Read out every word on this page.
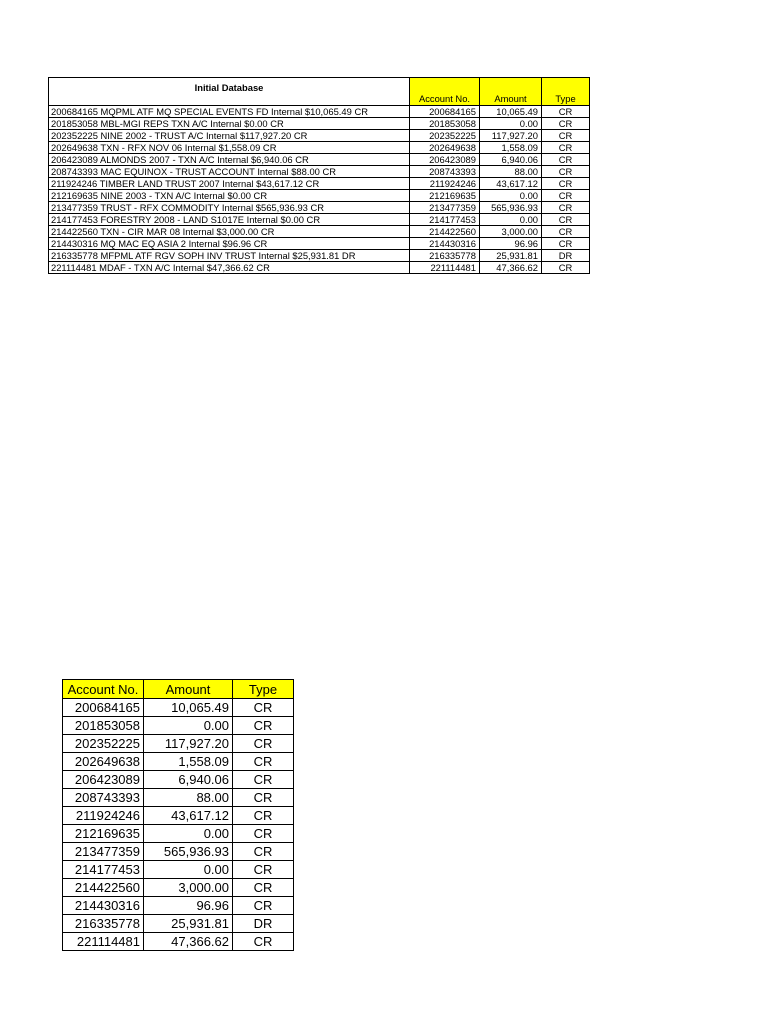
Initial Database	Account No.	Amount	Type
200684165 MQPML ATF MQ SPECIAL EVENTS FD Internal $10,065.49 CR	200684165	10,065.49	CR
201853058 MBL-MGI REPS TXN A/C Internal $0.00 CR	201853058	0.00	CR
202352225 NINE 2002 - TRUST A/C Internal $117,927.20 CR	202352225	117,927.20	CR
202649638 TXN - RFX NOV 06 Internal $1,558.09 CR	202649638	1,558.09	CR
206423089 ALMONDS 2007 - TXN A/C Internal $6,940.06 CR	206423089	6,940.06	CR
208743393 MAC EQUINOX - TRUST ACCOUNT Internal $88.00 CR	208743393	88.00	CR
211924246 TIMBER LAND TRUST 2007 Internal $43,617.12 CR	211924246	43,617.12	CR
212169635 NINE 2003 - TXN A/C Internal $0.00 CR	212169635	0.00	CR
213477359 TRUST - RFX COMMODITY Internal $565,936.93 CR	213477359	565,936.93	CR
214177453 FORESTRY 2008 - LAND S1017E Internal $0.00 CR	214177453	0.00	CR
214422560 TXN - CIR MAR 08 Internal $3,000.00 CR	214422560	3,000.00	CR
214430316 MQ MAC EQ ASIA 2 Internal $96.96 CR	214430316	96.96	CR
216335778 MFPML ATF RGV SOPH INV TRUST Internal $25,931.81 DR	216335778	25,931.81	DR
221114481 MDAF - TXN A/C Internal $47,366.62 CR	221114481	47,366.62	CR
Account No.	Amount	Type
200684165	10,065.49	CR
201853058	0.00	CR
202352225	117,927.20	CR
202649638	1,558.09	CR
206423089	6,940.06	CR
208743393	88.00	CR
211924246	43,617.12	CR
212169635	0.00	CR
213477359	565,936.93	CR
214177453	0.00	CR
214422560	3,000.00	CR
214430316	96.96	CR
216335778	25,931.81	DR
221114481	47,366.62	CR
